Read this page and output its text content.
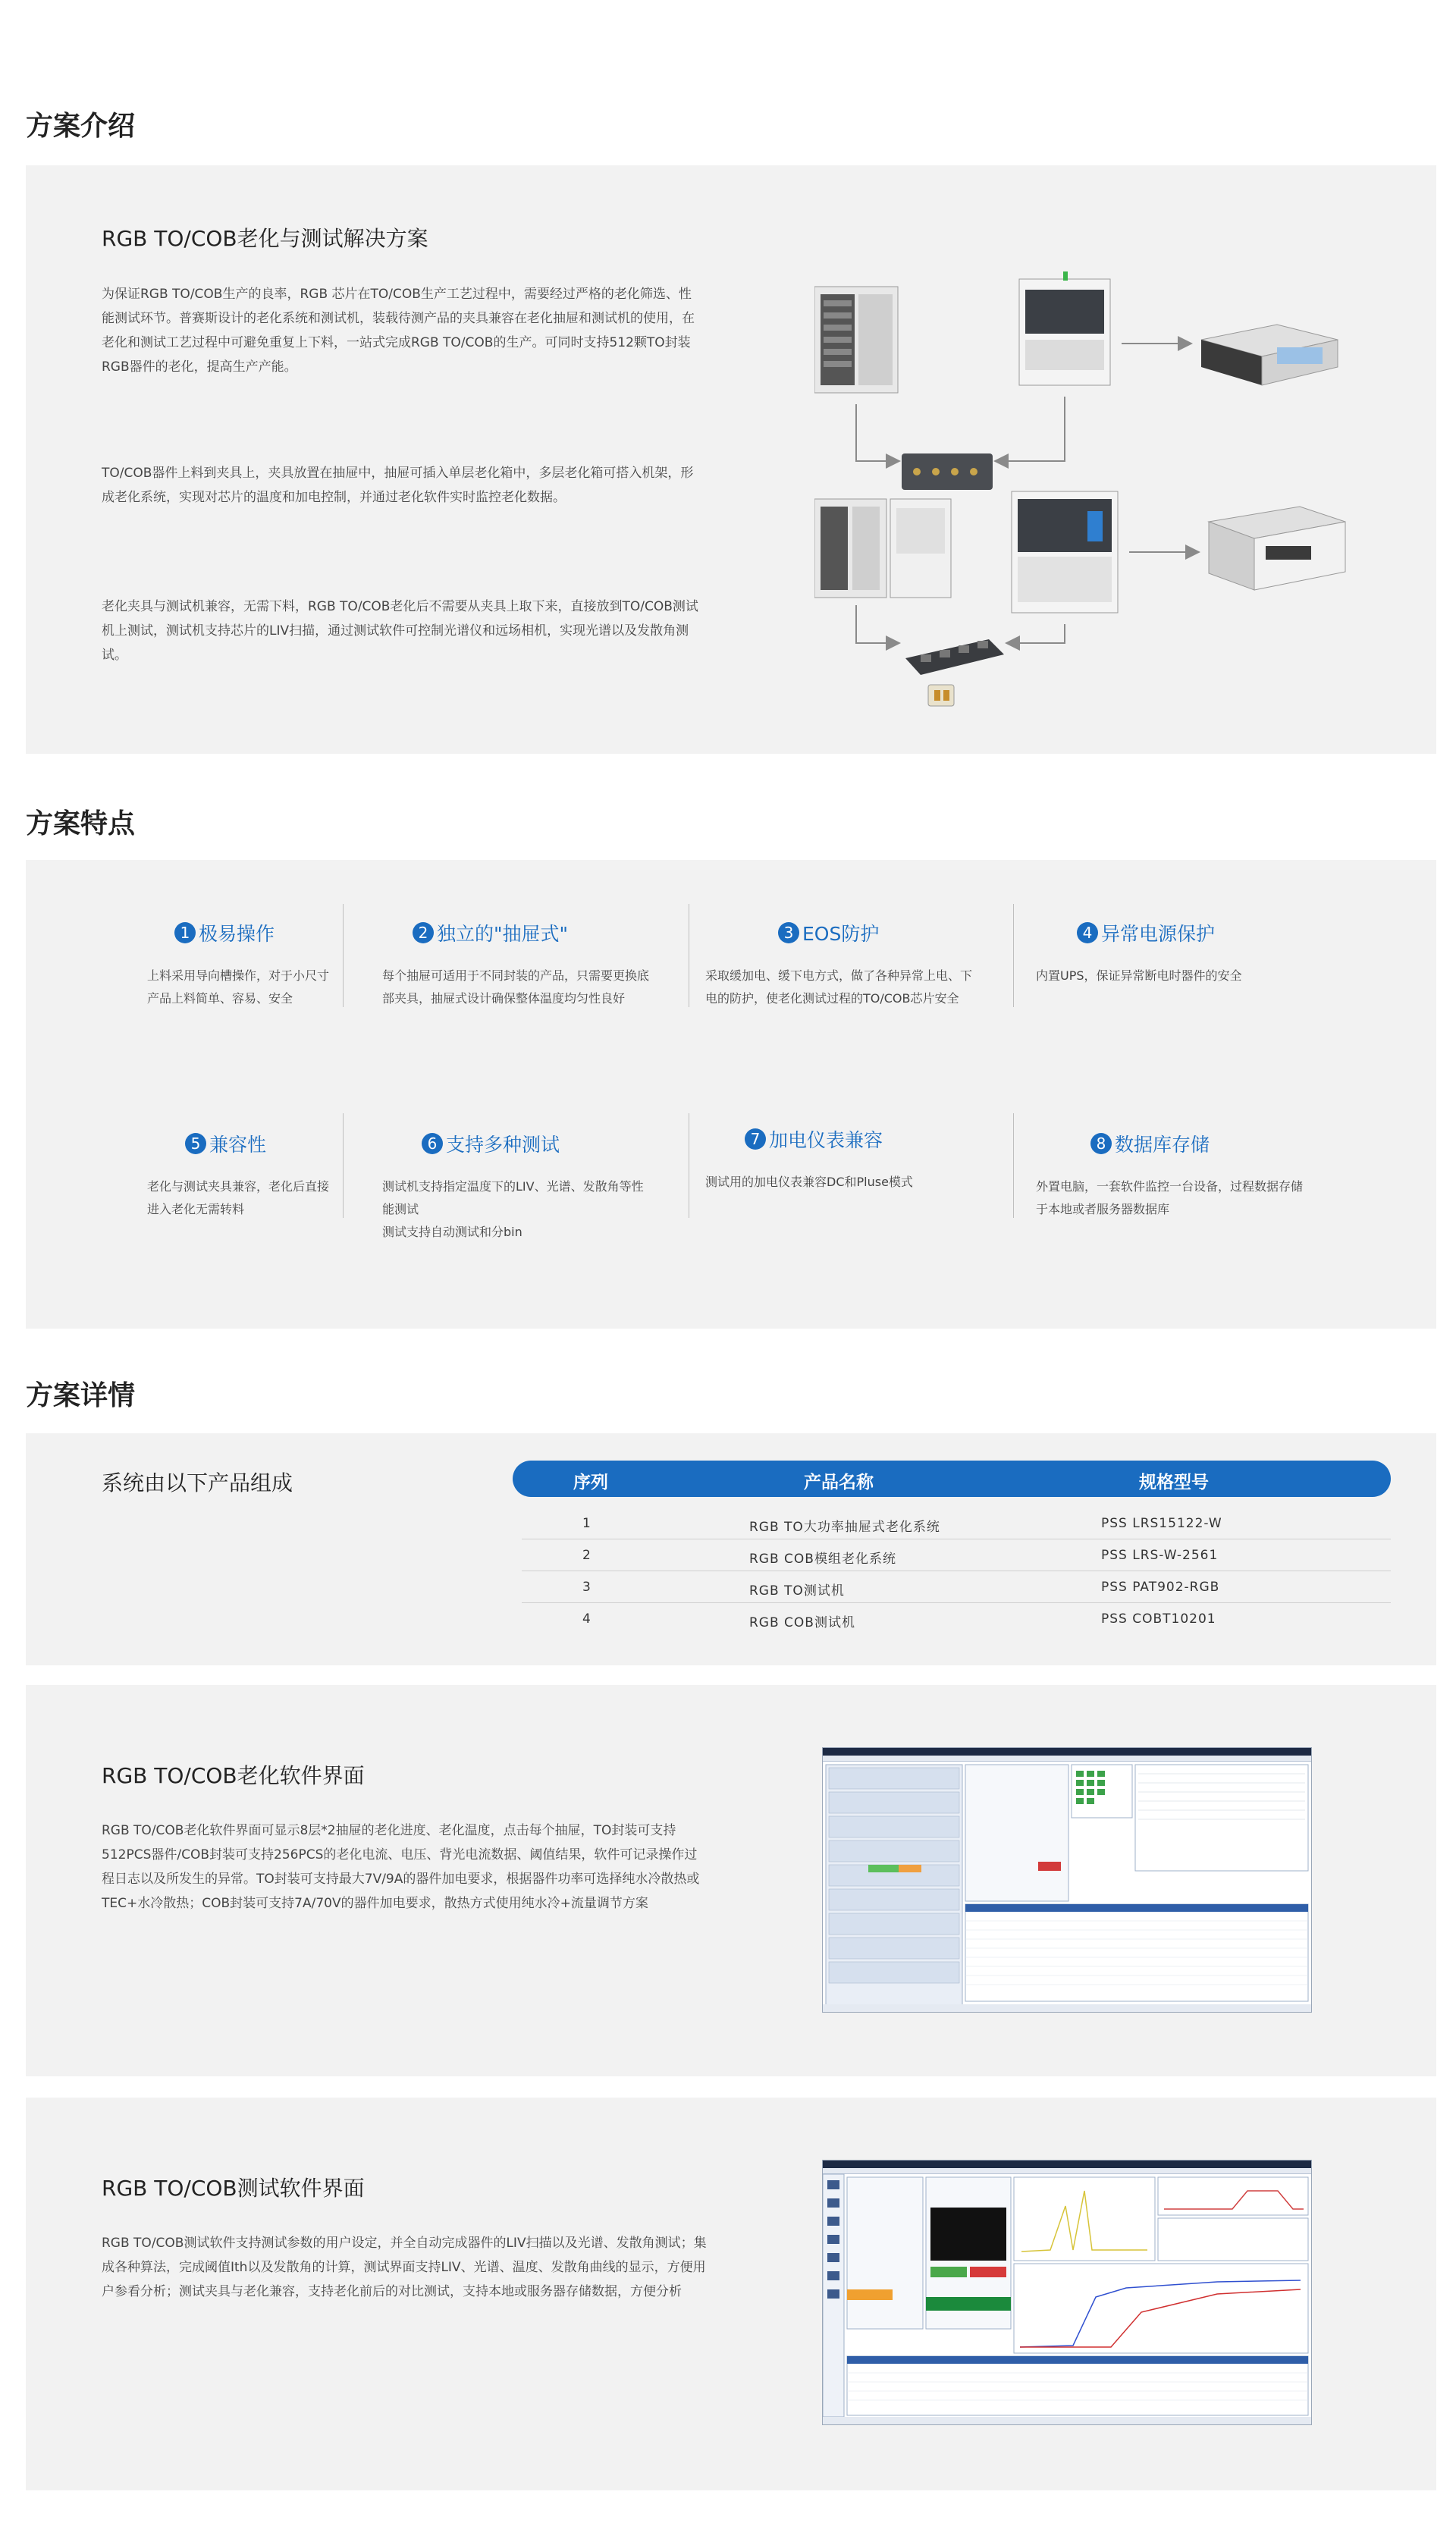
方案介绍
RGB TO/COB老化与测试解决方案
为保证RGB TO/COB生产的良率，RGB 芯片在TO/COB生产工艺过程中，需要经过严格的老化筛选、性能测试环节。普赛斯设计的老化系统和测试机，装载待测产品的夹具兼容在老化抽屉和测试机的使用，在老化和测试工艺过程中可避免重复上下料，一站式完成RGB TO/COB的生产。可同时支持512颗TO封装RGB器件的老化，提高生产产能。
TO/COB器件上料到夹具上，夹具放置在抽屉中，抽屉可插入单层老化箱中，多层老化箱可搭入机架，形成老化系统，实现对芯片的温度和加电控制，并通过老化软件实时监控老化数据。
老化夹具与测试机兼容，无需下料，RGB TO/COB老化后不需要从夹具上取下来，直接放到TO/COB测试机上测试，测试机支持芯片的LIV扫描，通过测试软件可控制光谱仪和远场相机，实现光谱以及发散角测试。
方案特点
1 极易操作
上料采用导向槽操作，对于小尺寸
产品上料简单、容易、安全
2 独立的"抽屉式"
每个抽屉可适用于不同封装的产品，只需要更换底
部夹具，抽屉式设计确保整体温度均匀性良好
3 EOS防护
采取缓加电、缓下电方式，做了各种异常上电、下
电的防护，使老化测试过程的TO/COB芯片安全
4 异常电源保护
内置UPS，保证异常断电时器件的安全
5 兼容性
老化与测试夹具兼容，老化后直接
进入老化无需转料
6 支持多种测试
测试机支持指定温度下的LIV、光谱、发散角等性
能测试
测试支持自动测试和分bin
7 加电仪表兼容
测试用的加电仪表兼容DC和Pluse模式
8 数据库存储
外置电脑，一套软件监控一台设备，过程数据存储
于本地或者服务器数据库
方案详情
系统由以下产品组成	序列	产品名称	规格型号
1	RGB TO大功率抽屉式老化系统	PSS LRS15122-W
2	RGB COB模组老化系统	PSS LRS-W-2561
3	RGB TO测试机	PSS PAT902-RGB
4	RGB COB测试机	PSS COBT10201
RGB TO/COB老化软件界面
RGB TO/COB老化软件界面可显示8层*2抽屉的老化进度、老化温度，点击每个抽屉，TO封装可支持512PCS器件/COB封装可支持256PCS的老化电流、电压、背光电流数据、阈值结果，软件可记录操作过程日志以及所发生的异常。TO封装可支持最大7V/9A的器件加电要求，根据器件功率可选择纯水冷散热或TEC+水冷散热；COB封装可支持7A/70V的器件加电要求，散热方式使用纯水冷+流量调节方案
RGB TO/COB测试软件界面
RGB TO/COB测试软件支持测试参数的用户设定，并全自动完成器件的LIV扫描以及光谱、发散角测试；集成各种算法，完成阈值Ith以及发散角的计算，测试界面支持LIV、光谱、温度、发散角曲线的显示，方便用户参看分析；测试夹具与老化兼容，支持老化前后的对比测试，支持本地或服务器存储数据，方便分析
